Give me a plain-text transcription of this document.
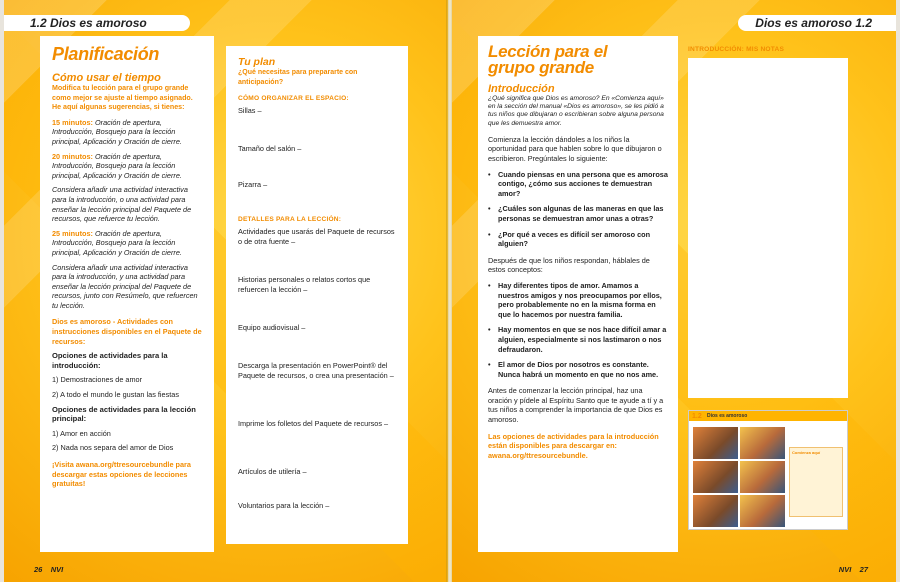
1.2 Dios es amoroso
Planificación
Cómo usar el tiempo
Modifica tu lección para el grupo grande como mejor se ajuste al tiempo asignado. He aquí algunas sugerencias, si tienes:
15 minutos: Oración de apertura, Introducción, Bosquejo para la lección principal, Aplicación y Oración de cierre.
20 minutos: Oración de apertura, Introducción, Bosquejo para la lección principal, Aplicación y Oración de cierre.
Considera añadir una actividad interactiva para la introducción, o una actividad para enseñar la lección principal del Paquete de recursos, que refuerce tu lección.
25 minutos: Oración de apertura, Introducción, Bosquejo para la lección principal, Aplicación y Oración de cierre.
Considera añadir una actividad interactiva para la introducción, y una actividad para enseñar la lección principal del Paquete de recursos, junto con Resúmelo, que refuercen tu lección.
Dios es amoroso - Actividades con instrucciones disponibles en el Paquete de recursos:
Opciones de actividades para la introducción:
1) Demostraciones de amor
2) A todo el mundo le gustan las fiestas
Opciones de actividades para la lección principal:
1) Amor en acción
2) Nada nos separa del amor de Dios
¡Visita awana.org/ttresourcebundle para descargar estas opciones de lecciones gratuitas!
Tu plan
¿Qué necesitas para prepararte con anticipación?
CÓMO ORGANIZAR EL ESPACIO:
Sillas –
Tamaño del salón –
Pizarra –
DETALLES PARA LA LECCIÓN:
Actividades que usarás del Paquete de recursos o de otra fuente –
Historias personales o relatos cortos que refuercen la lección –
Equipo audiovisual –
Descarga la presentación en PowerPoint® del Paquete de recursos, o crea una presentación –
Imprime los folletos del Paquete de recursos –
Artículos de utilería –
Voluntarios para la lección –
26 NVI
Dios es amoroso 1.2
Lección para el
grupo grande
Introducción
¿Qué significa que Dios es amoroso? En «Comienza aquí» en la sección del manual «Dios es amoroso», se les pidió a tus niños que dibujaran o escribieran sobre alguna persona que les demuestra amor.
Comienza la lección dándoles a los niños la oportunidad para que hablen sobre lo que dibujaron o escribieron. Pregúntales lo siguiente:
• Cuando piensas en una persona que es amorosa contigo, ¿cómo sus acciones te demuestran amor?
• ¿Cuáles son algunas de las maneras en que las personas se demuestran amor unas a otras?
• ¿Por qué a veces es difícil ser amoroso con alguien?
Después de que los niños respondan, háblales de estos conceptos:
• Hay diferentes tipos de amor. Amamos a nuestros amigos y nos preocupamos por ellos, pero probablemente no en la misma forma en que lo hacemos por nuestra familia.
• Hay momentos en que se nos hace difícil amar a alguien, especialmente si nos lastimaron o nos defraudaron.
• El amor de Dios por nosotros es constante. Nunca habrá un momento en que no nos ame.
Antes de comenzar la lección principal, haz una oración y pídele al Espíritu Santo que te ayude a tí y a tus niños a comprender la importancia de que Dios es amoroso.
Las opciones de actividades para la introducción están disponibles para descargar en: awana.org/ttresourcebundle.
INTRODUCCIÓN: MIS NOTAS
Dios es amoroso
1.2

Comienza aquí

NVI 27
